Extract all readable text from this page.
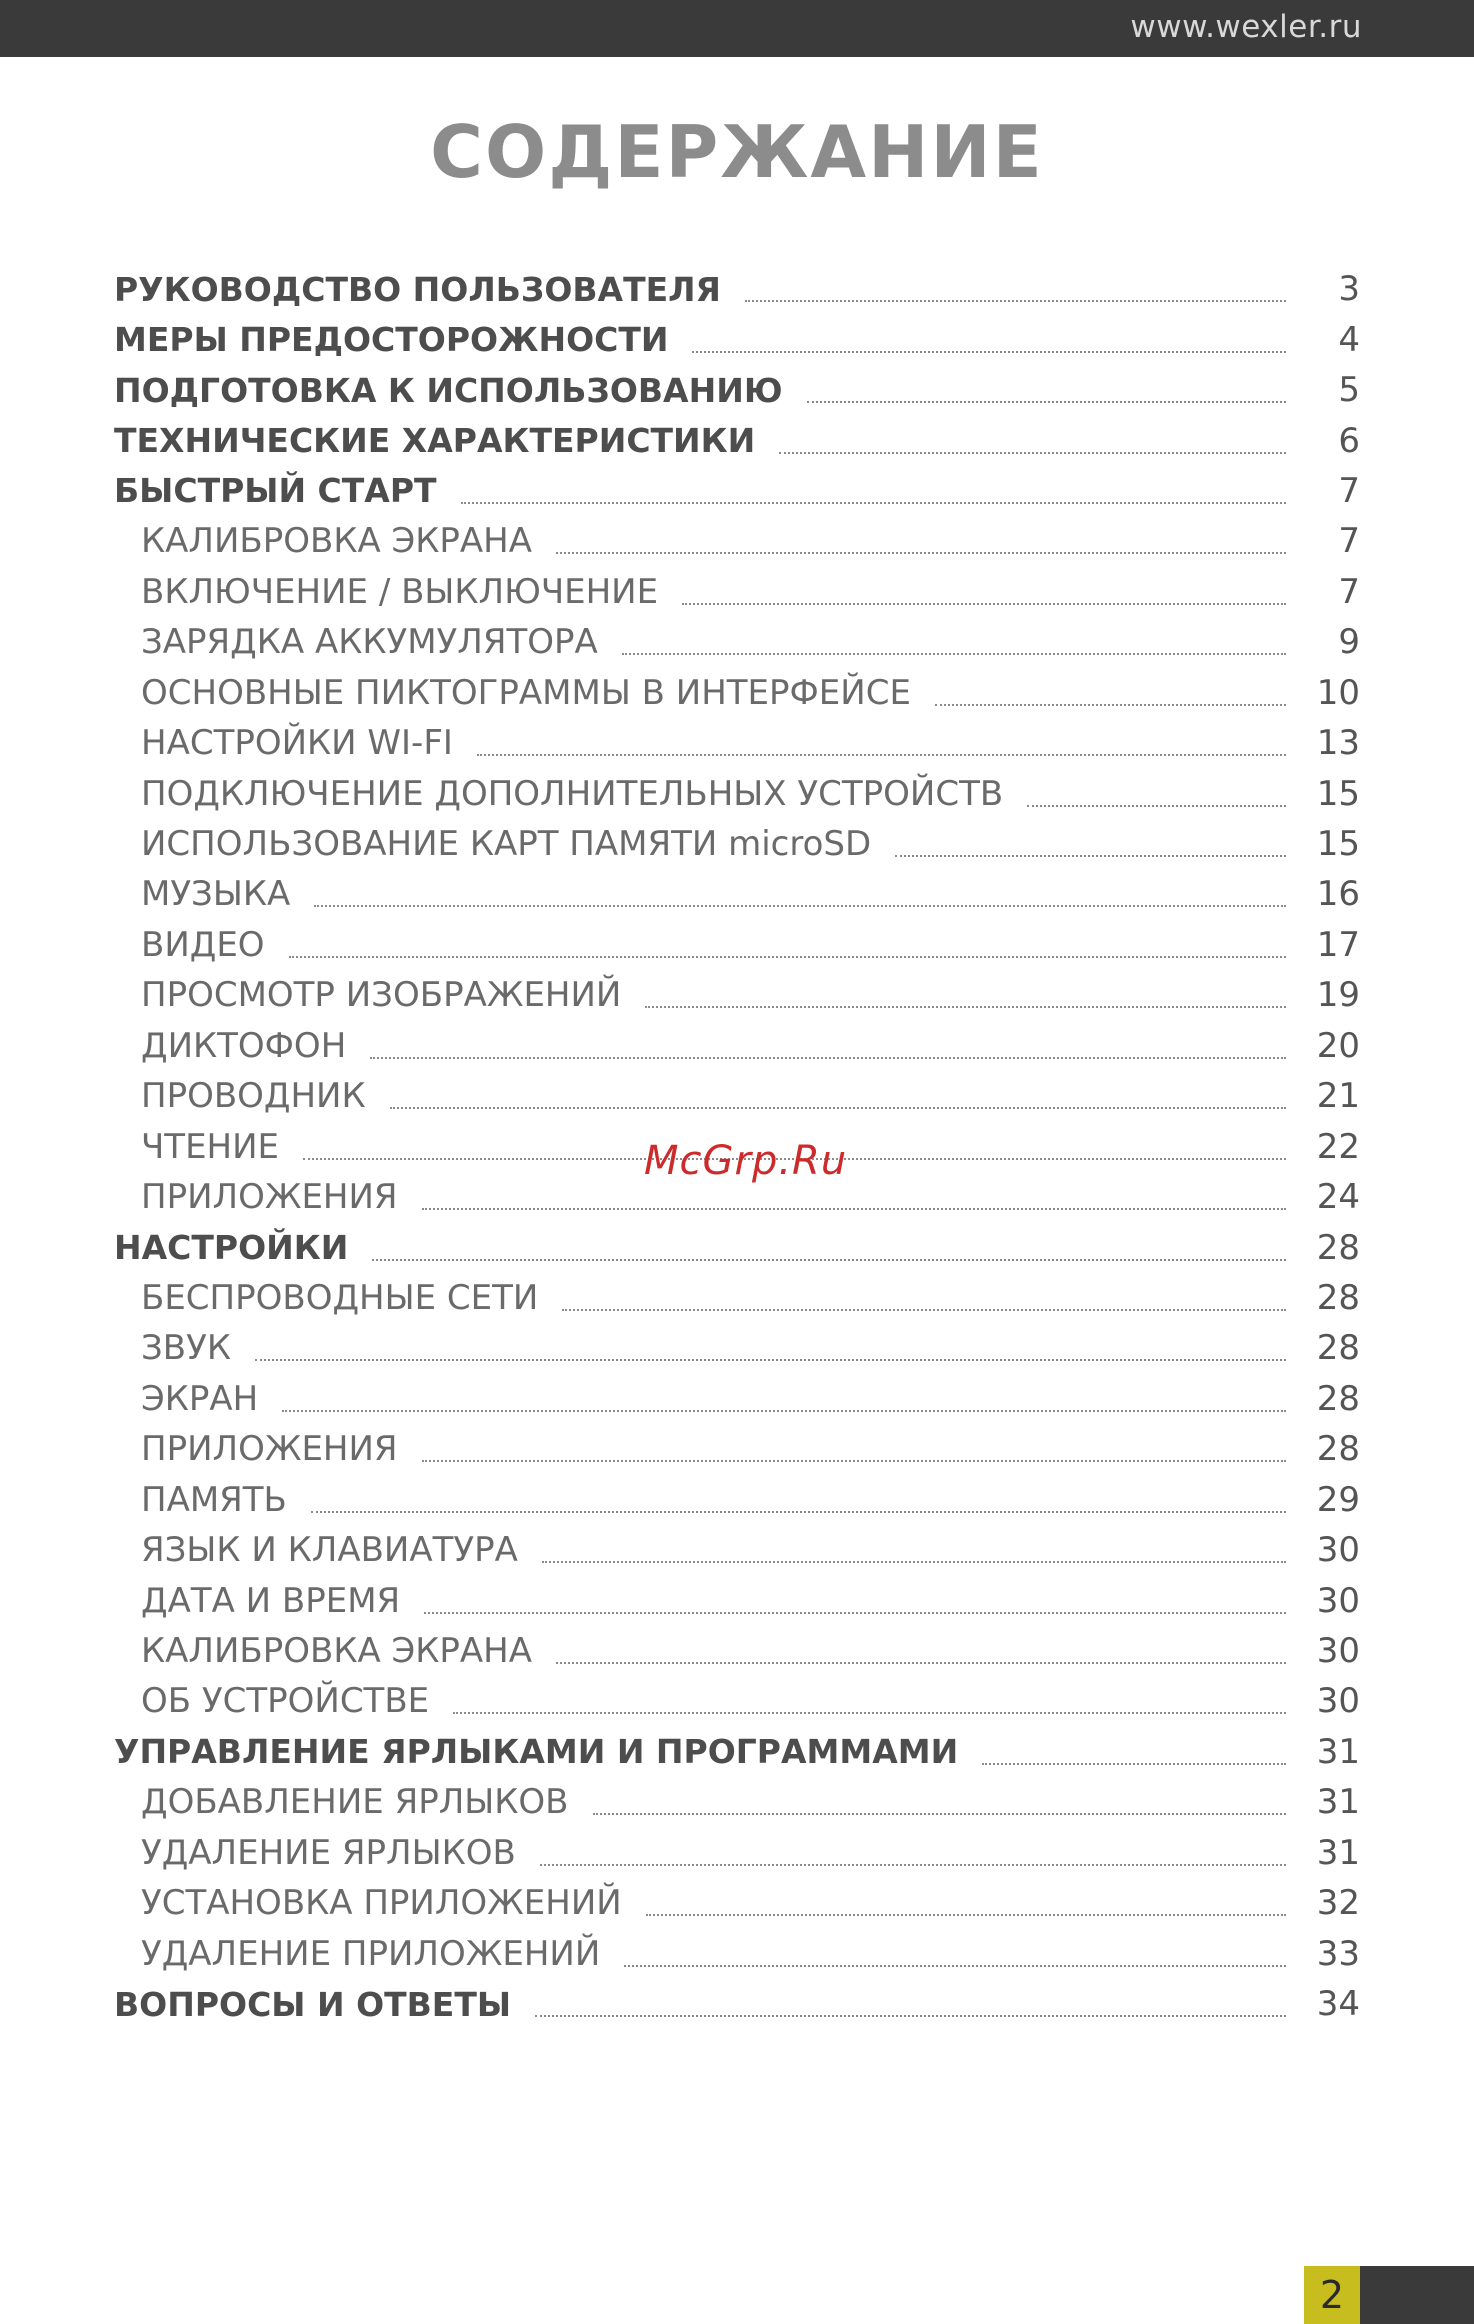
www.wexler.ru
СОДЕРЖАНИЕ
РУКОВОДСТВО ПОЛЬЗОВАТЕЛЯ	3
МЕРЫ ПРЕДОСТОРОЖНОСТИ	4
ПОДГОТОВКА К ИСПОЛЬЗОВАНИЮ	5
ТЕХНИЧЕСКИЕ ХАРАКТЕРИСТИКИ	6
БЫСТРЫЙ СТАРТ	7
КАЛИБРОВКА ЭКРАНА	7
ВКЛЮЧЕНИЕ / ВЫКЛЮЧЕНИЕ	7
ЗАРЯДКА АККУМУЛЯТОРА	9
ОСНОВНЫЕ ПИКТОГРАММЫ В ИНТЕРФЕЙСЕ	10
НАСТРОЙКИ WI-FI	13
ПОДКЛЮЧЕНИЕ ДОПОЛНИТЕЛЬНЫХ УСТРОЙСТВ	15
ИСПОЛЬЗОВАНИЕ КАРТ ПАМЯТИ microSD	15
МУЗЫКА	16
ВИДЕО	17
ПРОСМОТР ИЗОБРАЖЕНИЙ	19
ДИКТОФОН	20
ПРОВОДНИК	21
ЧТЕНИЕ	22
ПРИЛОЖЕНИЯ	24
НАСТРОЙКИ	28
БЕСПРОВОДНЫЕ СЕТИ	28
ЗВУК	28
ЭКРАН	28
ПРИЛОЖЕНИЯ	28
ПАМЯТЬ	29
ЯЗЫК И КЛАВИАТУРА	30
ДАТА И ВРЕМЯ	30
КАЛИБРОВКА ЭКРАНА	30
ОБ УСТРОЙСТВЕ	30
УПРАВЛЕНИЕ ЯРЛЫКАМИ И ПРОГРАММАМИ	31
ДОБАВЛЕНИЕ ЯРЛЫКОВ	31
УДАЛЕНИЕ ЯРЛЫКОВ	31
УСТАНОВКА ПРИЛОЖЕНИЙ	32
УДАЛЕНИЕ ПРИЛОЖЕНИЙ	33
ВОПРОСЫ И ОТВЕТЫ	34
McGrp.Ru
2
